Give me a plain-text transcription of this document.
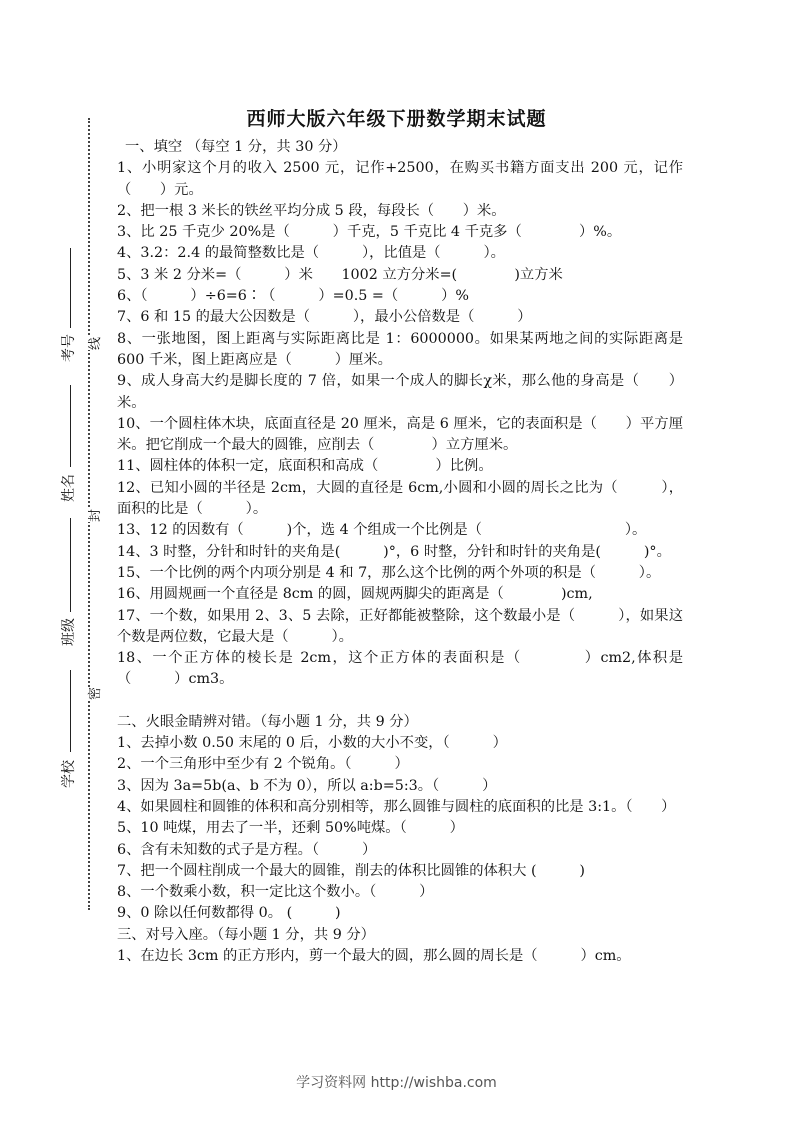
学校
班级
姓名
考号
密
封
线
西师大版六年级下册数学期末试题

一、填空 （每空 1 分，共 30 分）

1、小明家这个月的收入 2500 元，记作+2500，在购买书籍方面支出 200 元，记作（　　）元。

2、把一根 3 米长的铁丝平均分成 5 段，每段长（　　）米。

3、比 25 千克少 20%是（　　　）千克，5 千克比 4 千克多（　　　　）%。

4、3.2：2.4 的最简整数比是（　　　），比值是（　　　）。

5、3 米 2 分米=（　　　）米　　1002 立方分米=(　　　　)立方米

6、（　　　）÷6=6∶（　　　）=0.5 =（　　　）%

7、6 和 15 的最大公因数是（　　　），最小公倍数是（　　　）

8、一张地图，图上距离与实际距离比是 1：6000000。如果某两地之间的实际距离是 600 千米，图上距离应是（　　　）厘米。

9、成人身高大约是脚长度的 7 倍，如果一个成人的脚长χ米，那么他的身高是（　　）米。

10、一个圆柱体木块，底面直径是 20 厘米，高是 6 厘米，它的表面积是（　　）平方厘米。把它削成一个最大的圆锥，应削去（　　　　）立方厘米。

11、圆柱体的体积一定，底面积和高成（　　　　）比例。

12、已知小圆的半径是 2cm，大圆的直径是 6cm,小圆和小圆的周长之比为（　　　），面积的比是（　　　）。

13、12 的因数有（　　　)个，选 4 个组成一个比例是（　　　　　　　　　　）。

14、3 时整，分针和时针的夹角是(　　　)°，6 时整，分针和时针的夹角是(　　　)°。

15、一个比例的两个内项分别是 4 和 7，那么这个比例的两个外项的积是（　　　）。

16、用圆规画一个直径是 8cm 的圆，圆规两脚尖的距离是（　　　　)cm,

17、一个数，如果用 2、3、5 去除，正好都能被整除，这个数最小是（　　　），如果这个数是两位数，它最大是（　　　）。

18、一个正方体的棱长是 2cm，这个正方体的表面积是（　　　　）cm2,体积是（　　　）cm3。

二、火眼金睛辨对错。（每小题 1 分，共 9 分）

1、去掉小数 0.50 末尾的 0 后，小数的大小不变，（　　　）

2、一个三角形中至少有 2 个锐角。（　　　）

3、因为 3a=5b(a、b 不为 0），所以 a:b=5:3。（　　　）

4、如果圆柱和圆锥的体积和高分别相等，那么圆锥与圆柱的底面积的比是 3:1。（　　）

5、10 吨煤，用去了一半，还剩 50%吨煤。（　　　）

6、含有未知数的式子是方程。（　　　）

7、把一个圆柱削成一个最大的圆锥，削去的体积比圆锥的体积大 (　　　)

8、一个数乘小数，积一定比这个数小。（　　　）

9、0 除以任何数都得 0。 (　　　)

三、对号入座。（每小题 1 分，共 9 分）

1、在边长 3cm 的正方形内，剪一个最大的圆，那么圆的周长是（　　　）cm。

学习资料网 http://wishba.com
